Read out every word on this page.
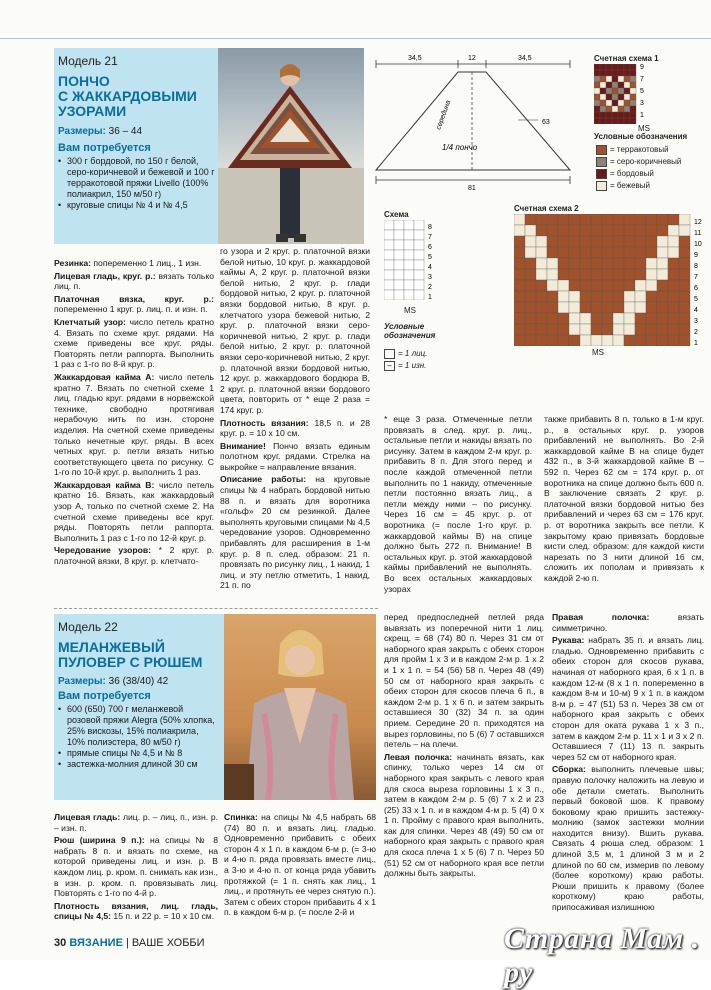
Модель 21
ПОНЧО
С ЖАККАРДОВЫМИ
УЗОРАМИ
Размеры: 36 – 44
Вам потребуется
• 300 г бордовой, по 150 г белой, серо-коричневой и бежевой и 100 г терракотовой пряжи Livello (100% полиакрил, 150 м/50 г)
• круговые спицы № 4 и № 4,5
34,5	12	34,5
середина
1/4 пончо
63
81
Счетная схема 1
9
7
5
3
1
MS
Условные обозначения
= терракотовый
= серо-коричневый
= бордовый
= бежевый
Схема
8
7
6
5
4
3
2
1
MS
Условные обозначения
= 1 лиц.
– = 1 изн.
Счетная схема 2
12
11
10
9
8
7
6
5
4
3
2
1
MS

Резинка: попеременно 1 лиц., 1 изн.

Лицевая гладь, круг. р.: вязать только лиц. п.

Платочная вязка, круг. р.: попеременно 1 круг. р. лиц. п. и изн. п.

Клетчатый узор: число петель кратно 4. Вязать по схеме круг. рядами. На схеме приведены все круг. ряды. Повторять петли раппорта. Выполнить 1 раз с 1-го по 8-й круг. р.

Жаккардовая кайма А: число петель кратно 7. Вязать по счетной схеме 1 лиц. гладью круг. рядами в норвежской технике, свободно протягивая нерабочую нить по изн. стороне изделия. На счетной схеме приведены только нечетные круг. ряды. В всех четных круг. р. петли вязать нитью соответствующего цвета по рисунку. С 1-го по 10-й круг. р. выполнить 1 раз.

Жаккардовая кайма В: число петель кратно 16. Вязать, как жаккардовый узор А, только по счетной схеме 2. На счетной схеме приведены все круг. ряды. Повторять петли раппорта. Выполнить 1 раз с 1-го по 12-й круг. р.

Чередование узоров: * 2 круг. р. платочной вязки, 8 круг. р. клетчато-

го узора и 2 круг. р. платочной вязки белой нитью, 10 круг. р. жаккардовой каймы А, 2 круг. р. платочной вязки белой нитью, 2 круг. р. глади бордовой нитью, 2 круг. р. платочной вязки бордовой нитью, 8 круг. р. клетчатого узора бежевой нитью, 2 круг. р. платочной вязки серо-коричневой нитью, 2 круг. р. глади белой нитью, 2 круг. р. платочной вязки серо-коричневой нитью, 2 круг. р. платочной вязки бордовой нитью, 12 круг. р. жаккардового бордюра В, 2 круг. р. платочной вязки бордового цвета, повторить от * еще 2 раза = 174 круг. р.

Плотность вязания: 18,5 п. и 28 круг. р. = 10 х 10 см.

Внимание! Пончо вязать единым полотном круг. рядами. Стрелка на выкройке = направление вязания.

Описание работы: на круговые спицы № 4 набрать бордовой нитью 88 п. и вязать для воротника «гольф» 20 см резинкой. Далее выполнять круговыми спицами № 4,5 чередование узоров. Одновременно прибавлять для расширения в 1-м круг. р. 8 п. след. образом: 21 п. провязать по рисунку лиц., 1 накид, 1 лиц. и эту петлю отметить, 1 накид, 21 п. по

* еще 3 раза. Отмеченные петли провязать в след. круг. р. лиц., остальные петли и накиды вязать по рисунку. Затем в каждом 2-м круг. р. прибавить 8 п. Для этого перед и после каждой отмеченной петли выполнить по 1 накиду, отмеченные петли постоянно вязать лиц., а петли между ними – по рисунку. Через 16 см = 45 круг. р. от воротника (= после 1-го круг. р. жаккардовой каймы В) на спице должно быть 272 п. Внимание! В остальных круг. р. этой жаккардовой каймы прибавлений не выполнять. Во всех остальных жаккардовых узорах

также прибавить 8 п. только в 1-м круг. р., в остальных круг. р. узоров прибавлений не выполнять. Во 2-й жаккардовой кайме В на спице будет 432 п., в 3-й жаккардовой кайме В – 592 п. Через 62 см = 174 круг. р. от воротника на спице должно быть 600 п. В заключение связать 2 круг. р. платочной вязки бордовой нитью без прибавлений и через 63 см = 176 круг. р. от воротника закрыть все петли. К закрытому краю привязать бордовые кисти след. образом: для каждой кисти нарезать по 3 нити длиной 16 см, сложить их пополам и привязать к каждой 2-ю п.

Модель 22
МЕЛАНЖЕВЫЙ
ПУЛОВЕР С РЮШЕМ
Размеры: 36 (38/40) 42
Вам потребуется
• 600 (650) 700 г меланжевой розовой пряжи Alegra (50% хлопка, 25% вискозы, 15% полиакрила, 10% полиэстера, 80 м/50 г)
• прямые спицы № 4,5 и № 8
• застежка-молния длиной 30 см

Лицевая гладь: лиц. р. – лиц. п., изн. р. – изн. п.

Рюш (ширина 9 п.): на спицы № 8 набрать 8 п. и вязать по схеме, на которой приведены лиц. и изн. р. В каждом лиц. р. кром. п. снимать как изн., в изн. р. кром. п. провязывать лиц. Повторять с 1-го по 4-й р.

Плотность вязания, лиц. гладь, спицы № 4,5: 15 п. и 22 р. = 10 х 10 см.

Спинка: на спицы № 4,5 набрать 68 (74) 80 п. и вязать лиц. гладью. Одновременно прибавить с обеих сторон 4 х 1 п. в каждом 6-м р. (= 3-ю и 4-ю п. ряда провязать вместе лиц., а 3-ю и 4-ю п. от конца ряда убавить протяжкой (= 1 п. снять как лиц., 1 лиц., и протянуть ее через снятую п.). Затем с обеих сторон прибавить 4 х 1 п. в каждом 6-м р. (= после 2-й и

перед предпоследней петлей ряда вывязать из поперечной нити 1 лиц. скрещ. = 68 (74) 80 п. Через 31 см от наборного края закрыть с обеих сторон для пройм 1 х 3 и в каждом 2-м р. 1 х 2 и 1 х 1 п. = 54 (56) 58 п. Через 48 (49) 50 см от наборного края закрыть с обеих сторон для скосов плеча 6 п., в каждом 2-м р. 1 х 6 п. и затем закрыть оставшиеся 30 (32) 34 п. за один прием. Середине 20 п. приходятся на вырез горловины, по 5 (6) 7 оставшихся петель – на плечи.

Левая полочка: начинать вязать, как спинку, только через 14 см от наборного края закрыть с левого края для скоса выреза горловины 1 х 3 п., затем в каждом 2-м р. 5 (6) 7 х 2 и 23 (25) 33 х 1 п. и в каждом 4-м р. 5 (4) 0 х 1 п. Пройму с правого края выполнить, как для спинки. Через 48 (49) 50 см от наборного края закрыть с правого края для скоса плеча 1 х 5 (6) 7 п. Через 50 (51) 52 см от наборного края все петли должны быть закрыты.

Правая полочка: вязать симметрично.

Рукава: набрать 35 п. и вязать лиц. гладью. Одновременно прибавить с обеих сторон для скосов рукава, начиная от наборного края, 6 х 1 п. в каждом 12-м (8 х 1 п. попеременно в каждом 8-м и 10-м) 9 х 1 п. в каждом 8-м р. = 47 (51) 53 п. Через 38 см от наборного края закрыть с обеих сторон для оката рукава 1 х 3 п., затем в каждом 2-м р. 11 х 1 и 3 х 2 п. Оставшиеся 7 (11) 13 п. закрыть через 52 см от наборного края.

Сборка: выполнить плечевые швы; правую полочку наложить на левую и обе детали сметать. Выполнить первый боковой шов. К правому боковому краю пришить застежку-молнию (замок застежки молнии находится внизу). Вшить рукава. Связать 4 рюша след. образом: 1 длиной 3,5 м, 1 длиной 3 м и 2 длиной по 60 см, измерив по левому (более короткому) краю работы. Рюши пришить к правому (более короткому) краю работы, припосаживая излишнюю

30 ВЯЗАНИЕ | ВАШЕ ХОББИ	Страна Мам . ру
